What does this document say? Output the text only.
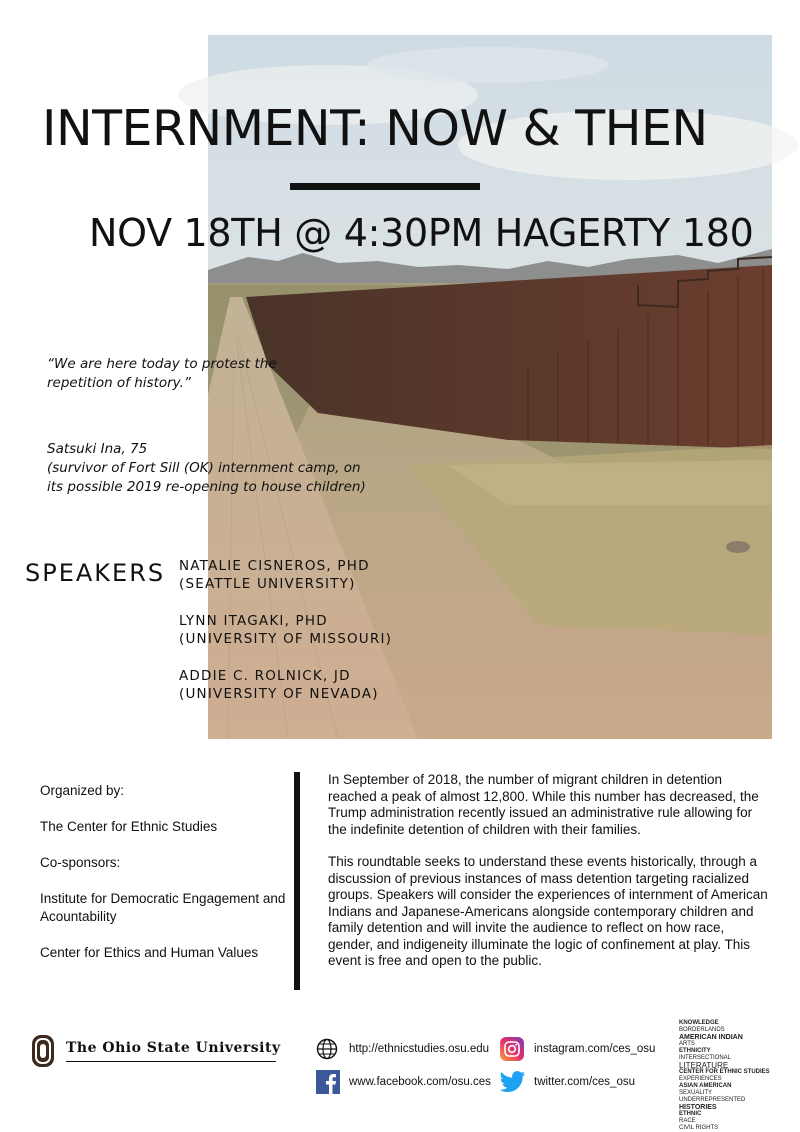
INTERNMENT: NOW & THEN
NOV 18TH @ 4:30PM HAGERTY 180
“We are here today to protest the
repetition of history.”
Satsuki Ina, 75
(survivor of Fort Sill (OK) internment camp, on
its possible 2019 re-opening to house children)
SPEAKERS NATALIE CISNEROS, PHD
(SEATTLE UNIVERSITY)
LYNN ITAGAKI, PHD
(UNIVERSITY OF MISSOURI)
ADDIE C. ROLNICK, JD
(UNIVERSITY OF NEVADA)

Organized by:

The Center for Ethnic Studies

Co-sponsors:

Institute for Democratic Engagement and Acountability

Center for Ethics and Human Values

In September of 2018, the number of migrant children in detention reached a peak of almost 12,800. While this number has decreased, the Trump administration recently issued an administrative rule allowing for the indefinite detention of children with their families.

This roundtable seeks to understand these events historically, through a discussion of previous instances of mass detention targeting racialized groups. Speakers will consider the experiences of internment of American Indians and Japanese-Americans alongside contemporary children and family detention and will invite the audience to reflect on how race, gender, and indigeneity illuminate the logic of confinement at play. This event is free and open to the public.

The Ohio State University	http://ethnicstudies.osu.edu	instagram.com/ces_osu
www.facebook.com/osu.ces	twitter.com/ces_osu
KNOWLEDGE
BORDERLANDS
AMERICAN INDIAN
ARTS
ETHNICITY
INTERSECTIONAL
LITERATURE
CENTER FOR ETHNIC STUDIES
EXPERIENCES
ASIAN AMERICAN
SEXUALITY
UNDERREPRESENTED
HISTORIES
ETHNIC
RACE
CIVIL RIGHTS
